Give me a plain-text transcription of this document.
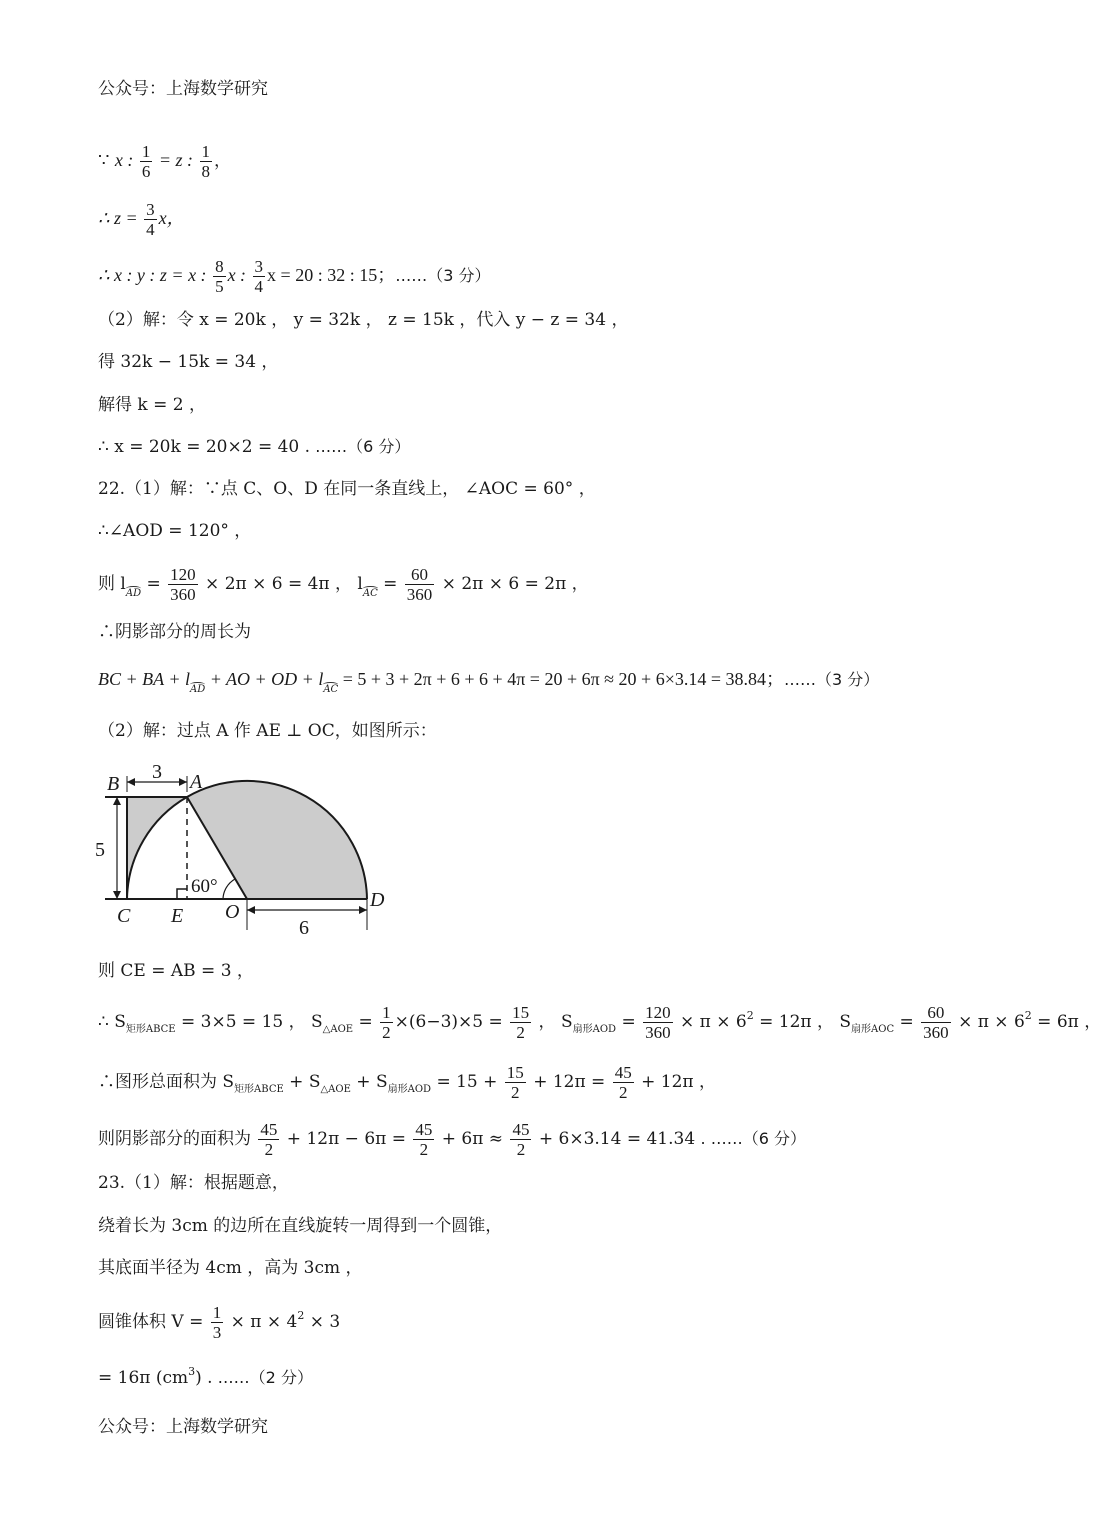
公众号：上海数学研究
∵ x : $\frac{1}{6} = z$ : $\frac{1}{8}$ ，
∴ $z = \frac{3}{4}$ x，
∴ x : y : z = x : $\frac{8}{5}$ x : $\frac{3}{4}$ x = 20 : 32 : 15；……（3 分）
（2）解：令 x = 20k ， y = 32k ， z = 15k ，代入 y − z = 34 ，
得 32k − 15k = 34 ，
解得 k = 2 ，
∴ x = 20k = 20×2 = 40 . ……（6 分）
22.（1）解：∵点 C、O、D 在同一条直线上， ∠AOC = 60° ，
∴∠AOD = 120° ，
则 $l_{AD} = \frac{120}{360} \times 2\pi \times 6 = 4\pi$ ， $l_{AC} = \frac{60}{360} \times 2\pi \times 6 = 2\pi$ ，
∴阴影部分的周长为
BC + BA + $l_{AD}$ + AO + OD + $l_{AC} = 5 + 3 + 2\pi + 6 + 6 + 4\pi = 20 + 6\pi \approx 20 + 6\times 3.14 = 38.84$；……（3 分）
（2）解：过点 A 作 AE ⊥ OC，如图所示：
B
3 A
5
60°
C E O
D
6
则 CE = AB = 3 ，
∴ $S_{矩形ABCE} = 3\times 5 = 15$ ， $S_{\triangle AOE} = \frac{1}{2} \times(6-3)\times 5 = \frac{15}{2}$ ， $S_{扇形AOD} = \frac{120}{360} \times \pi \times 6^2 = 12\pi$ ， $S_{扇形AOC} = \frac{60}{360} \times \pi \times 6^2 = 6\pi$ ，
∴图形总面积为 $S_{矩形ABCE} + S_{\triangle AOE} + S_{扇形AOD} = 15 + \frac{15}{2} + 12\pi = \frac{45}{2} + 12\pi$ ，
则阴影部分的面积为 $\frac{45}{2} + 12\pi - 6\pi = \frac{45}{2} + 6\pi \approx \frac{45}{2} + 6\times 3.14 = 41.34$ . ……（6 分）
23.（1）解：根据题意，
绕着长为 3cm 的边所在直线旋转一周得到一个圆锥，
其底面半径为 4cm ，高为 3cm ，
圆锥体积 $V = \frac{1}{3} \times \pi \times 4^2 \times 3$
= 16π $(cm^3)$ . ……（2 分）
公众号：上海数学研究
